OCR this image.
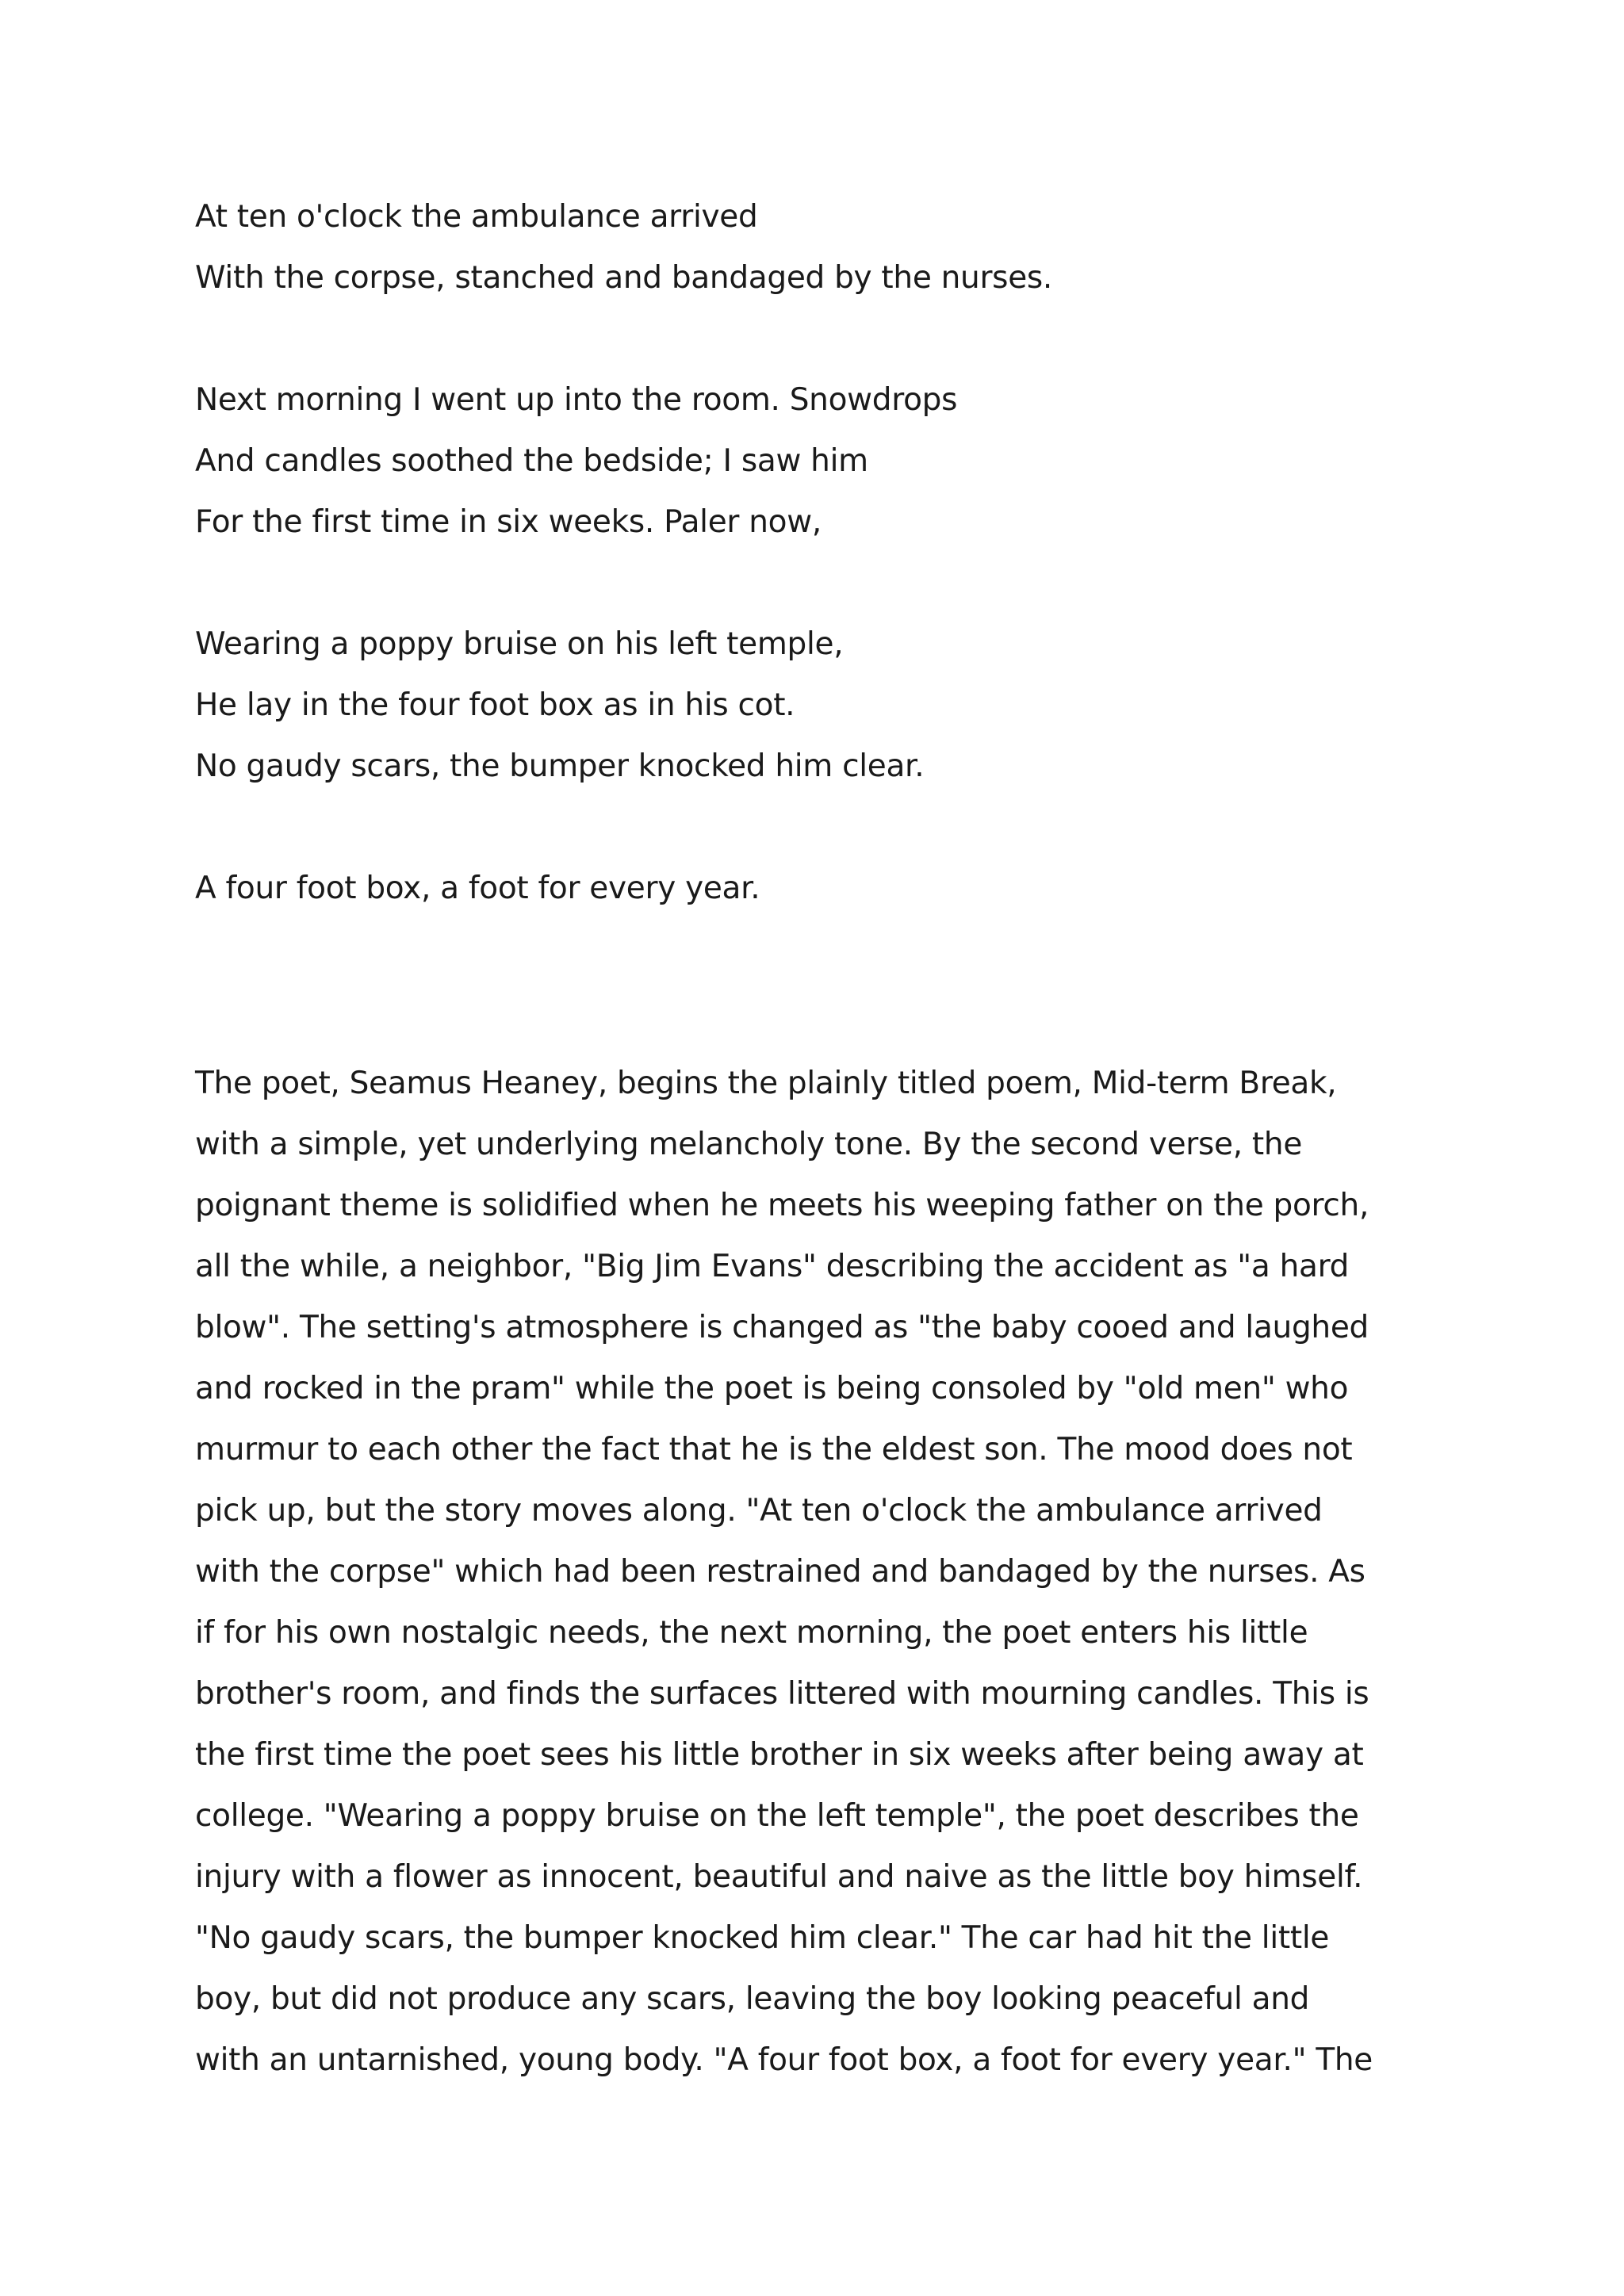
At ten o'clock the ambulance arrived
With the corpse, stanched and bandaged by the nurses.
Next morning I went up into the room. Snowdrops
And candles soothed the bedside; I saw him
For the first time in six weeks. Paler now,
Wearing a poppy bruise on his left temple,
He lay in the four foot box as in his cot.
No gaudy scars, the bumper knocked him clear.
A four foot box, a foot for every year.
The poet, Seamus Heaney, begins the plainly titled poem, Mid-term Break,
with a simple, yet underlying melancholy tone. By the second verse, the
poignant theme is solidified when he meets his weeping father on the porch,
all the while, a neighbor, "Big Jim Evans" describing the accident as "a hard
blow". The setting's atmosphere is changed as "the baby cooed and laughed
and rocked in the pram" while the poet is being consoled by "old men" who
murmur to each other the fact that he is the eldest son. The mood does not
pick up, but the story moves along. "At ten o'clock the ambulance arrived
with the corpse" which had been restrained and bandaged by the nurses. As
if for his own nostalgic needs, the next morning, the poet enters his little
brother's room, and finds the surfaces littered with mourning candles. This is
the first time the poet sees his little brother in six weeks after being away at
college. "Wearing a poppy bruise on the left temple", the poet describes the
injury with a flower as innocent, beautiful and naive as the little boy himself.
"No gaudy scars, the bumper knocked him clear." The car had hit the little
boy, but did not produce any scars, leaving the boy looking peaceful and
with an untarnished, young body. "A four foot box, a foot for every year." The
